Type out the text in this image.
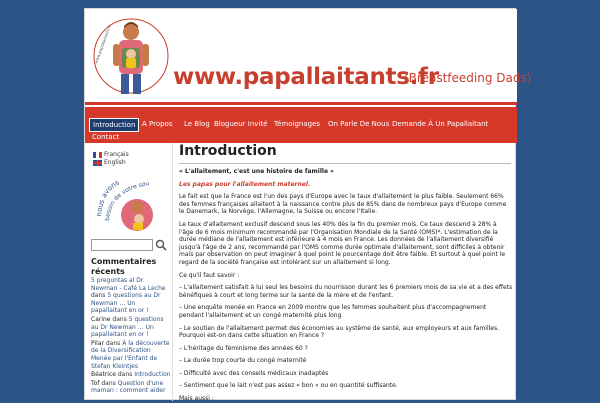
www.papallaitants.fr
www.papallaitants.fr
(Breastfeeding Dads)
Introduction A Propos	Le Blog Blogueur Invité Témoignages	On Parle De Nous Demande À Un Papallaitant
Contact
Français
English
nous avons
besoin de votre sou
Commentaires récents
5 preguntas al Dr. Newman - Café La Leche dans 5 questions au Dr Newman … Un papallaitant en or !
Carine dans 5 questions au Dr Newman … Un papallaitant en or !
Pilar dans À la découverte de la Diversification Menée par l'Enfant de Stefan Kleintjes
Béatrice dans Introduction
Tof dans Question d'une maman : comment aider
Introduction
« L'allaitement, c'est une histoire de famille »
Les papas pour l'allaitement maternel.
Le fait est que la France est l'un des pays d'Europe avec le taux d'allaitement le plus faible. Seulement 66% des femmes françaises allaitent à la naissance contre plus de 85% dans de nombreux pays d'Europe comme le Danemark, la Norvège, l'Allemagne, la Suisse ou encore l'Italie.
Le taux d'allaitement exclusif descend sous les 40% dès la fin du premier mois. Ce taux descend à 28% à l'âge de 6 mois minimum recommandé par l'Organisation Mondiale de la Santé (OMS)*. L'estimation de la durée médiane de l'allaitement est inférieure à 4 mois en France. Les données de l'allaitement diversifié jusqu'à l'âge de 2 ans, recommandé par l'OMS comme durée optimale d'allaitement, sont difficiles à obtenir mais par observation on peut imaginer à quel point le pourcentage doit être faible. Et surtout à quel point le regard de la société française est intolérant sur un allaitement si long.
Ce qu'il faut savoir :
– L'allaitement satisfait à lui seul les besoins du nourrisson durant les 6 premiers mois de sa vie et a des effets bénéfiques à court et long terme sur la santé de la mère et de l'enfant.
– Une enquête menée en France en 2009 montre que les femmes souhaitent plus d'accompagnement pendant l'allaitement et un congé maternité plus long
– Le soutien de l'allaitement permet des économies au système de santé, aux employeurs et aux familles. Pourquoi est-on dans cette situation en France ?
– L'héritage du féminisme des années 60 ?
– La durée trop courte du congé maternité
– Difficulté avec des conseils médicaux inadaptés
– Sentiment que le lait n'est pas assez « bon » ou en quantité suffisante.
Mais aussi :
